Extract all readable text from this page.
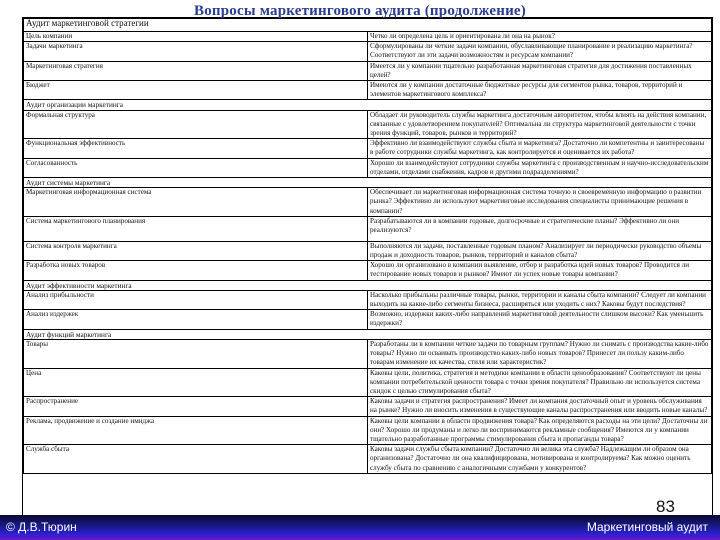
Вопросы маркетингового аудита (продолжение)
Аудит маркетинговой стратегии	
Цель компании	Четко ли определена цель и ориентирована ли она на рынок?
Задачи маркетинга	Сформулированы ли четкие задачи компании, обуславливающие планирование и реализацию маркетинга? Соответствуют ли эти задачи возможностям и ресурсам компании?
Маркетинговая стратегия	Имеется ли у компании тщательно разработанная маркетинговая стратегия для достижения поставленных целей?
Бюджет	Имеются ли у компании достаточные бюджетные ресурсы для сегментов рынка, товаров, территорий и элементов маркетингового комплекса?
Аудит организации маркетинга	
Формальная структура	Обладает ли руководитель службы маркетинга достаточным авторитетом, чтобы влиять на действия компании, связанные с удовлетворением покупателей? Оптимальна ли структура маркетинговой деятельности с точки зрения функций, товаров, рынков и территорий?
Функциональная эффективность	Эффективно ли взаимодействуют службы сбыта и маркетинга? Достаточно ли компетентны и заинтересованы в работе сотрудники службы маркетинга, как контролируется и оценивается их работа?
Согласованность	Хорошо ли взаимодействуют сотрудники службы маркетинга с производственным и научно-исследовательским отделами, отделами снабжения, кадров и другими подразделениями?
Аудит системы маркетинга	
Маркетинговая информационная система	Обеспечивает ли маркетинговая информационная система точную и своевременную информацию о развитии рынка? Эффективно ли используют маркетинговые исследования специалисты принимающие решения в компании?
Система маркетингового планирования	Разрабатываются ли в компании годовые, долгосрочные и стратегические планы? Эффективно ли они реализуются?
Система контроля маркетинга	Выполняются ли задачи, поставленные годовым планом? Анализирует ли периодически руководство объемы продаж и доходность товаров, рынков, территорий и каналов сбыта?
Разработка новых товаров	Хорошо ли организовано в компании выявление, отбор и разработка идей новых товаров? Проводится ли тестирование новых товаров и рынков? Имеют ли успех новые товары компании?
Аудит эффективности маркетинга	
Анализ прибыльности	Насколько прибыльны различные товары, рынки, территории и каналы сбыта компании? Следует ли компании выходить на какие-либо сегменты бизнеса, расширяться или уходить с них? Каковы будут последствия?
Анализ издержек	Возможно, издержки каких-либо направлений маркетинговой деятельности слишком высоки? Как уменьшить издержки?
Аудит функций маркетинга	
Товары	Разработаны ли в компании четкие задачи по товарным группам? Нужно ли снимать с производства какие-либо товары? Нужно ли осваивать производство каких-либо новых товаров? Принесет ли пользу каким-либо товарам изменение их качества, стиля или характеристик?
Цена	Каковы цели, политика, стратегия и методики компании в области ценообразования? Соответствуют ли цены компании потребительской ценности товара с точки зрения покупателя? Правильно ли используется система скидок с целью стимулирования сбыта?
Распространение	Каковы задачи и стратегия распространения? Имеет ли компания достаточный опыт и уровень обслуживания на рынке? Нужно ли вносить изменения в существующие каналы распространения или вводить новые каналы?
Реклама, продвижение и создание имиджа	Каковы цели компании в области продвижения товара? Как определяются расходы на эти цели? Достаточны ли они? Хорошо ли продуманы и легко ли воспринимаются рекламные сообщения? Имеются ли у компании тщательно разработанные программы стимулирования сбыта и пропаганды товара?
Служба сбыта	Каковы задачи службы сбыта компании? Достаточно ли велика эта служба? Надлежащим ли образом она организована? Достаточно ли она квалифицирована, мотивирована и контролируема? Как можно оценить службу сбыта по сравнению с аналогичными службами у конкурентов?
83
© Д.В.Тюрин	Маркетинговый аудит
